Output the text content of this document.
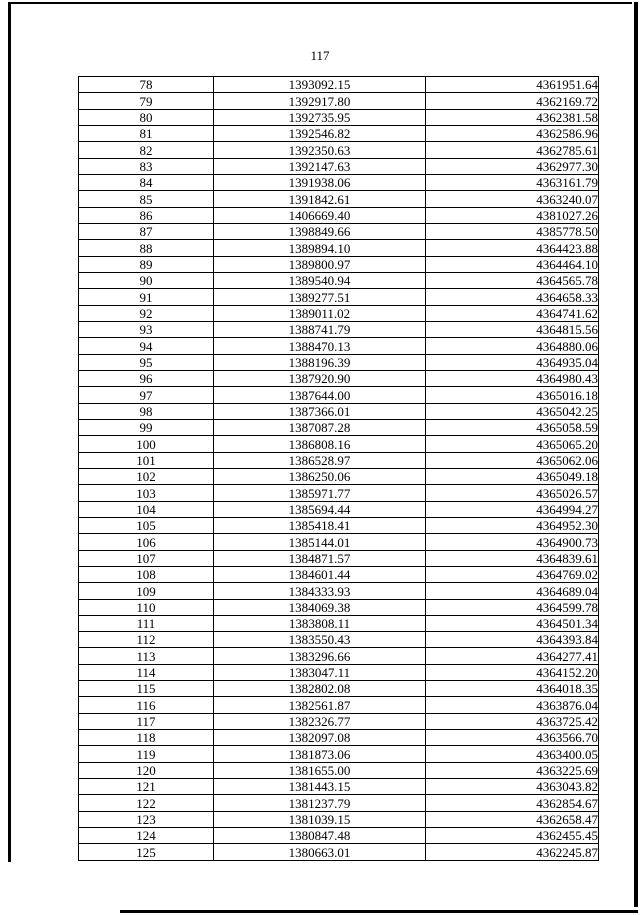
117
78	1393092.15	4361951.64
79	1392917.80	4362169.72
80	1392735.95	4362381.58
81	1392546.82	4362586.96
82	1392350.63	4362785.61
83	1392147.63	4362977.30
84	1391938.06	4363161.79
85	1391842.61	4363240.07
86	1406669.40	4381027.26
87	1398849.66	4385778.50
88	1389894.10	4364423.88
89	1389800.97	4364464.10
90	1389540.94	4364565.78
91	1389277.51	4364658.33
92	1389011.02	4364741.62
93	1388741.79	4364815.56
94	1388470.13	4364880.06
95	1388196.39	4364935.04
96	1387920.90	4364980.43
97	1387644.00	4365016.18
98	1387366.01	4365042.25
99	1387087.28	4365058.59
100	1386808.16	4365065.20
101	1386528.97	4365062.06
102	1386250.06	4365049.18
103	1385971.77	4365026.57
104	1385694.44	4364994.27
105	1385418.41	4364952.30
106	1385144.01	4364900.73
107	1384871.57	4364839.61
108	1384601.44	4364769.02
109	1384333.93	4364689.04
110	1384069.38	4364599.78
111	1383808.11	4364501.34
112	1383550.43	4364393.84
113	1383296.66	4364277.41
114	1383047.11	4364152.20
115	1382802.08	4364018.35
116	1382561.87	4363876.04
117	1382326.77	4363725.42
118	1382097.08	4363566.70
119	1381873.06	4363400.05
120	1381655.00	4363225.69
121	1381443.15	4363043.82
122	1381237.79	4362854.67
123	1381039.15	4362658.47
124	1380847.48	4362455.45
125	1380663.01	4362245.87
